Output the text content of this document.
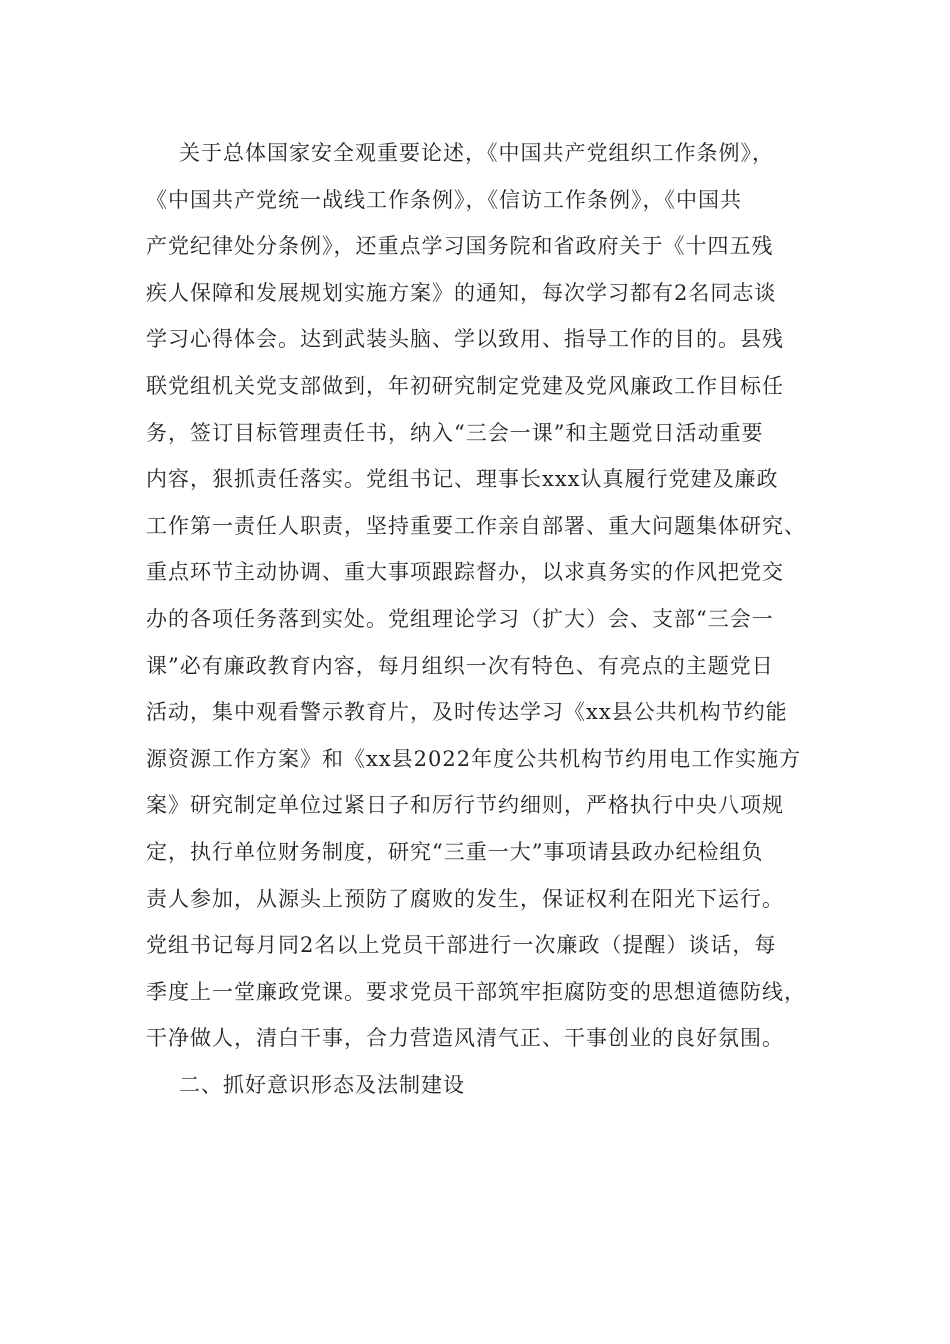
关于总体国家安全观重要论述，《中国共产党组织工作条例》，
《中国共产党统一战线工作条例》，《信访工作条例》，《中国共
产党纪律处分条例》，还重点学习国务院和省政府关于《十四五残
疾人保障和发展规划实施方案》的通知，每次学习都有2名同志谈
学习心得体会。达到武装头脑、学以致用、指导工作的目的。县残
联党组机关党支部做到，年初研究制定党建及党风廉政工作目标任
务，签订目标管理责任书，纳入“三会一课”和主题党日活动重要
内容，狠抓责任落实。党组书记、理事长xxx认真履行党建及廉政
工作第一责任人职责，坚持重要工作亲自部署、重大问题集体研究、
重点环节主动协调、重大事项跟踪督办，以求真务实的作风把党交
办的各项任务落到实处。党组理论学习（扩大）会、支部“三会一
课”必有廉政教育内容，每月组织一次有特色、有亮点的主题党日
活动，集中观看警示教育片，及时传达学习《xx县公共机构节约能
源资源工作方案》和《xx县2022年度公共机构节约用电工作实施方
案》研究制定单位过紧日子和厉行节约细则，严格执行中央八项规
定，执行单位财务制度，研究“三重一大”事项请县政办纪检组负
责人参加，从源头上预防了腐败的发生，保证权利在阳光下运行。
党组书记每月同2名以上党员干部进行一次廉政（提醒）谈话，每
季度上一堂廉政党课。要求党员干部筑牢拒腐防变的思想道德防线，
干净做人，清白干事，合力营造风清气正、干事创业的良好氛围。
二、抓好意识形态及法制建设
